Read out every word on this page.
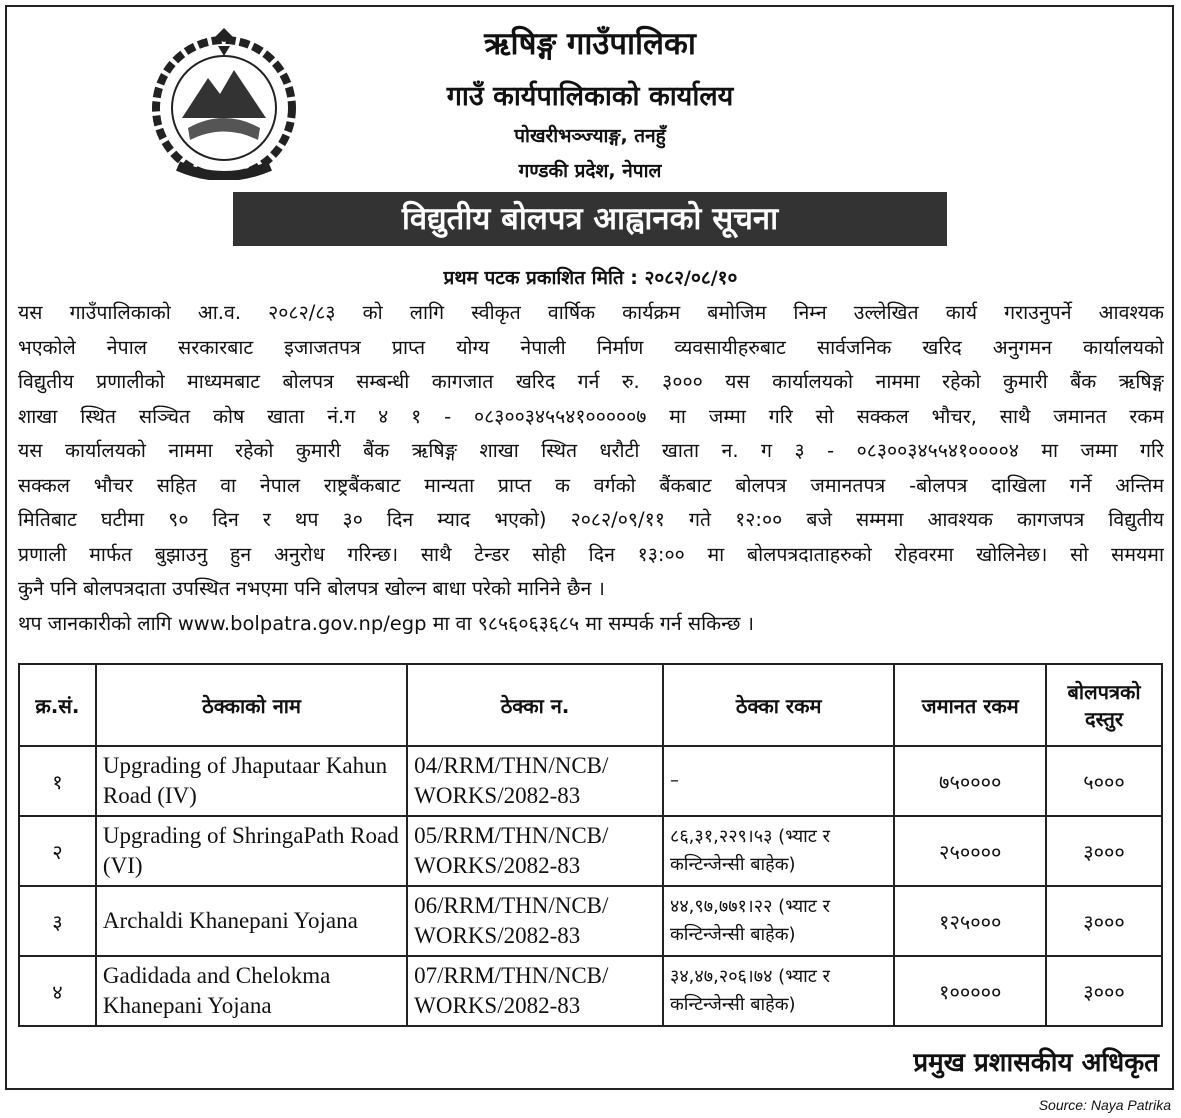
ऋषिङ्ग गाउँपालिका
गाउँ कार्यपालिकाको कार्यालय
पोखरीभञ्ज्याङ्ग, तनहुँ
गण्डकी प्रदेश, नेपाल
विद्युतीय बोलपत्र आह्वानको सूचना
प्रथम पटक प्रकाशित मिति : २०८२/०८/१०
यस गाउँपालिकाको आ.व. २०८२/८३ को लागि स्वीकृत वार्षिक कार्यक्रम बमोजिम निम्न उल्लेखित कार्य गराउनुपर्ने आवश्यक
भएकोले नेपाल सरकारबाट इजाजतपत्र प्राप्त योग्य नेपाली निर्माण व्यवसायीहरुबाट सार्वजनिक खरिद अनुगमन कार्यालयको
विद्युतीय प्रणालीको माध्यमबाट बोलपत्र सम्बन्धी कागजात खरिद गर्न रु. ३००० यस कार्यालयको नाममा रहेको कुमारी बैंक ऋषिङ्ग
शाखा स्थित सञ्चित कोष खाता नं.ग ४ १ - ०८३००३४५५४१०००००७ मा जम्मा गरि सो सक्कल भौचर, साथै जमानत रकम
यस कार्यालयको नाममा रहेको कुमारी बैंक ऋषिङ्ग शाखा स्थित धरौटी खाता न. ग ३ - ०८३००३४५५४१००००४ मा जम्मा गरि
सक्कल भौचर सहित वा नेपाल राष्ट्रबैंकबाट मान्यता प्राप्त क वर्गको बैंकबाट बोलपत्र जमानतपत्र -बोलपत्र दाखिला गर्ने अन्तिम
मितिबाट घटीमा ९० दिन र थप ३० दिन म्याद भएको) २०८२/०९/११ गते १२:०० बजे सम्ममा आवश्यक कागजपत्र विद्युतीय
प्रणाली मार्फत बुझाउनु हुन अनुरोध गरिन्छ। साथै टेन्डर सोही दिन १३:०० मा बोलपत्रदाताहरुको रोहवरमा खोलिनेछ। सो समयमा
कुनै पनि बोलपत्रदाता उपस्थित नभएमा पनि बोलपत्र खोल्न बाधा परेको मानिने छैन ।
थप जानकारीको लागि www.bolpatra.gov.np/egp मा वा ९८५६०६३६८५ मा सम्पर्क गर्न सकिन्छ ।
क्र.सं.	ठेक्काको नाम	ठेक्का न.	ठेक्का रकम	जमानत रकम	बोलपत्रको दस्तुर
१	Upgrading of Jhaputaar Kahun Road (IV)	04/RRM/THN/NCB/ WORKS/2082-83	–	७५००००	५०००
२	Upgrading of ShringaPath Road (VI)	05/RRM/THN/NCB/ WORKS/2082-83	८६,३१,२२९।५३ (भ्याट र कन्टिन्जेन्सी बाहेक)	२५००००	३०००
३	Archaldi Khanepani Yojana	06/RRM/THN/NCB/ WORKS/2082-83	४४,९७,७७१।२२ (भ्याट र कन्टिन्जेन्सी बाहेक)	१२५०००	३०००
४	Gadidada and Chelokma Khanepani Yojana	07/RRM/THN/NCB/ WORKS/2082-83	३४,४७,२०६।७४ (भ्याट र कन्टिन्जेन्सी बाहेक)	१०००००	३०००
प्रमुख प्रशासकीय अधिकृत
Source: Naya Patrika
